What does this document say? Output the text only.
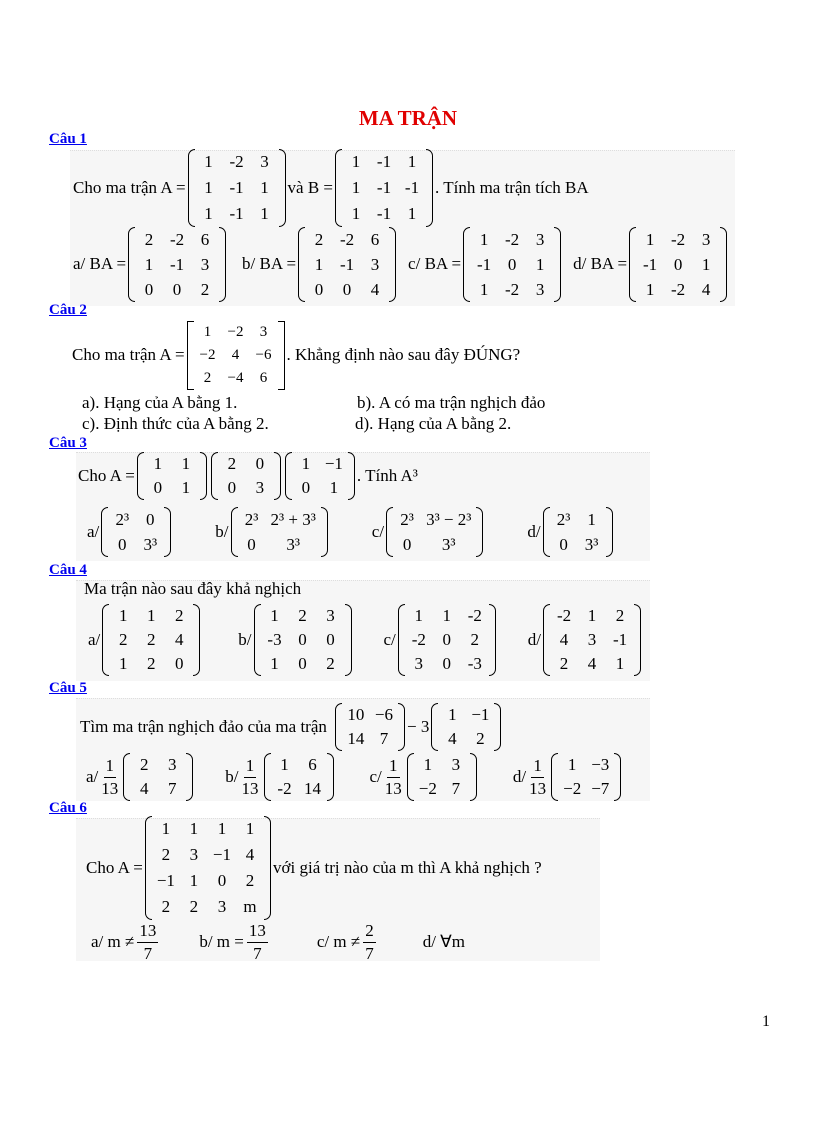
MA TRẬN
Câu 1
Cho ma trận A =
1 -2 3
1 -1 1
1 -1 1
và B =
1 -1 1
1 -1 -1
1 -1 1
. Tính ma trận tích BA
a/ BA =
2 -2 6
1 -1 3
0	0	2
b/ BA =
2 -2 6
1 -1 3
0	0	4
c/ BA =
1 -2 3
-1 0	1
1 -2 3
d/ BA =
1 -2 3
-1 0	1
1 -2 4
Câu 2
Cho ma trận A =
1	−2	3
−2	4	−6
2	−4	6
. Khẳng định nào sau đây ĐÚNG?
a). Hạng của A bằng 1.	b). A có ma trận nghịch đảo
c). Định thức của A bằng 2.	d). Hạng của A bằng 2.
Câu 3
Cho A =
1	1
0	1
2	0
0	3
1 −1
0	1
. Tính A³
a/
2³ 0
0 3³
b/
2³ 2³ + 3³
0	3³
c/
2³ 3³ − 2³
0	3³
d/
2³ 1
0 3³
Câu 4
Ma trận nào sau đây khả nghịch
a/
1	1	2
2	2	4
1	2	0
b/
1	2	3
-3 0	0
1	0	2
c/
1	1 -2
-2 0	2
3	0 -3
d/
-2 1	2
4	3 -1
2	4	1
Câu 5
Tìm ma trận nghịch đảo của ma trận
10 −6
14 7
− 3
1 −1
4	2
$a/ \frac{1}{13}$	2	3
4	7
$b/ \frac{1}{13}$	1	6
-2 14
$c/ \frac{1}{13}$	1	3
−2 7
$d/ \frac{1}{13}$	1 −3
−2 −7
Câu 6
Cho A =
1	1	1	1
2	3 −1 4
−1 1	0	2
2	2	3	m
với giá trị nào của m thì A khả nghịch ?
a/ $m \ne \frac{13}{7} b/$ $m = \frac{13}{7}$	c/ $m \ne \frac{2}{7}$	d/ ∀m
1
